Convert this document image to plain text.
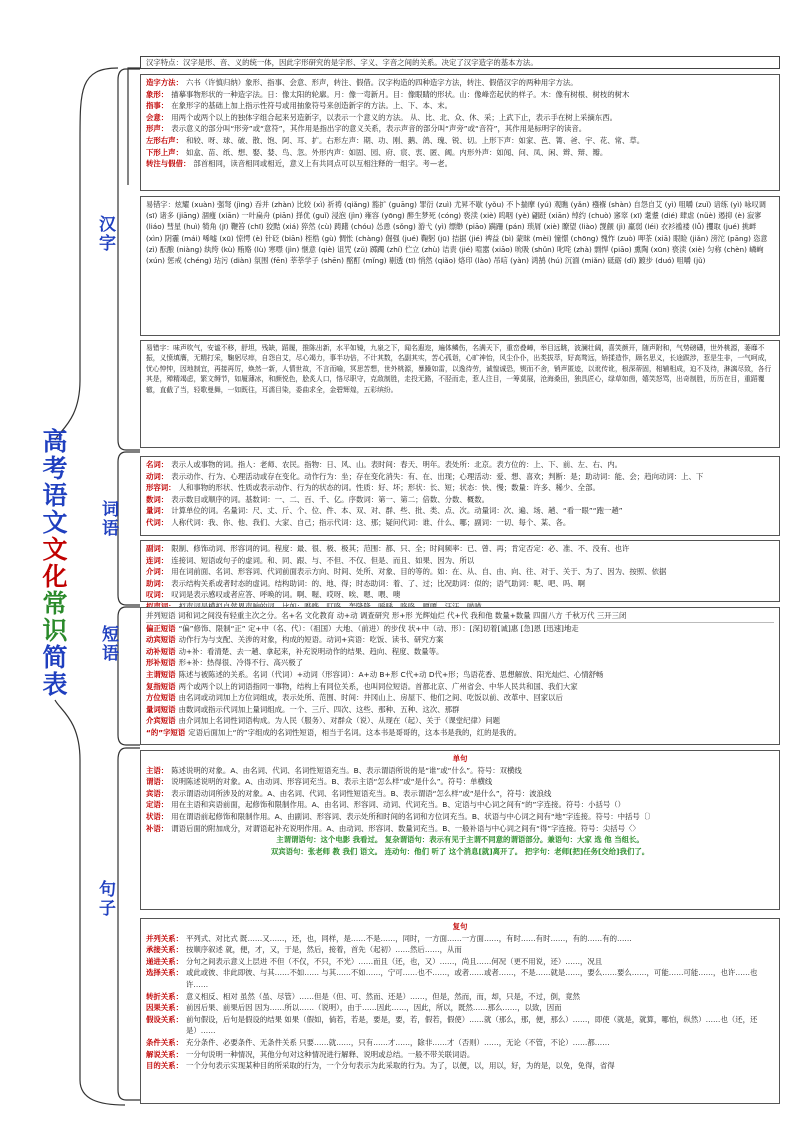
汉字特点：汉字是形、音、义的统一体，因此字形研究的是字形、字义、字音之间的关系。决定了汉字造字的基本方法。
高考语文文化常识简表
汉字
词语
短语
句子
造字方法： 六书（许慎归纳）象形、指事、会意、形声，转注、假借。汉字构造的四种造字方法，转注、假借汉字的两种用字方法。
象形： 描摹事物形状的一种造字法。日：像太阳的轮廓。月：像一弯新月。目：像眼睛的形状。山：像峰峦起伏的样子。木：像有树根、树枝的树木
指事： 在象形字的基础上加上指示性符号或用抽象符号来创造新字的方法。上、下、本、末。
会意： 用两个或两个以上的独体字组合起来另造新字，以表示一个意义的方法。 从、比、北、众、休、采；上武下止，表示手在树上采摘东西。
形声： 表示意义的部分叫“形旁”或“意符”，其作用是指出字的意义关系，表示声音的部分叫“声旁”或“音符”，其作用是标明字的读音。
左形右声： 和较、呀、球、破、散、饱、阿、耳、扩。右形左声：期、功、刚、鹅、鸽、瑰、锐、切。上形下声：如家、芭、箐、爸、宇、花、常、草。
下形上声： 如盒、苗、纸、想、娶、婪、鸟、忽。外形内声：如固、园、府、宸、衷、匿、阈。内形外声：如闻、问、凤、闲、辫、辩、瓣。
转注与假借： 部首相同，读音相同或相近，意义上有共同点可以互相注释的一组字。考—老。

易错字：炫耀 (xuàn) 强弩 (jìng) 吞并 (zhàn) 比较 (xì) 祈祷 (qiǎng) 豁扩 (guāng) 罪衍 (zuì) 尤昇不歇 (yǒu) 不卜揣摩 (yú) 观瞧 (yǎn) 襁褓 (shàn) 自怨自艾 (yì) 咀嚼 (zuǐ) 谙练 (yì) 咏叹调 (sī) 诸多 (jiāng) 涸瘦 (xiān) 一叶扁舟 (piān) 择优 (guǐ) 浸泡 (jìn) 雍容 (yōng) 醉生梦死 (cóng) 亵渎 (xiè) 呜咽 (yè) 翩跹 (xiān) 绰约 (chuò) 窸窣 (xī) 耄耋 (dié) 肆虐 (nüè) 遏抑 (è) 寂寥 (liáo) 彗星 (huì) 犄角 (jī) 鞭笞 (chī) 狡黠 (xiá) 猝然 (cù) 踌躇 (chóu) 怂恿 (sǒng) 游弋 (yì) 缥缈 (piāo) 蹒跚 (pán) 琐屑 (xiè) 瞭望 (liào) 觊觎 (jì) 羸弱 (léi) 衣衫褴褛 (lǚ) 攫取 (jué) 挑衅 (xìn) 阴霾 (mái) 唏嘘 (xū) 惊愕 (è) 针砭 (biān) 桎梏 (gù) 惆怅 (chàng) 倔强 (jué) 鞠躬 (jū) 拮据 (jié) 裨益 (bì) 蒙昧 (mèi) 憧憬 (chōng) 愧怍 (zuò) 呷茶 (xiā) 眼睑 (jiǎn) 滂沱 (pāng) 恣意 (zì) 酝酿 (niàng) 纨绔 (kù) 贿赂 (lù) 寒噤 (jìn) 惬意 (qiè) 诅咒 (zǔ) 踯躅 (zhí) 伫立 (zhù) 诘责 (jié) 喧嚣 (xiāo) 吮吸 (shǔn) 叱咤 (zhà) 剽悍 (piāo) 熏陶 (xūn) 亵渎 (xiè) 匀称 (chèn) 嶙峋 (xún) 惩戒 (chéng) 玷污 (diàn) 氛围 (fēn) 莘莘学子 (shēn) 酩酊 (mǐng) 剔透 (tī) 悄然 (qiǎo) 烙印 (lào) 吊唁 (yàn) 鸿鹄 (hú) 沉湎 (miǎn) 砥砺 (dǐ) 踱步 (duó) 咀嚼 (jǔ)

易错字：味声吹气，安谧不移，舒坦，残缺，蹈履，推陈出新，水平如镜，九泉之下，闻名遐迩，遍体鳞伤，名满天下，重峦叠嶂，举目远眺，波澜壮阔，喜笑颜开，随声附和，气势磅礴，世外桃源，萎靡不振，义愤填膺，无精打采，鞠躬尽瘁，自怨自艾，尽心竭力，事半功倍，不计其数，名副其实，苦心孤诣，心旷神怡，风尘仆仆，出类拔萃，好高骛远，矫揉造作，顾名思义，长途跋涉，惹是生非，一气呵成，忧心忡忡，因地制宜，再接再厉，焕然一新，人情世故，不言而喻，冥思苦想，世外桃源，暴躁如雷，以逸待劳，诚惶诚恐，锲而不舍，销声匿迹，以讹传讹，根深蒂固，相辅相成，迫不及待，淋漓尽致，各行其是，殚精竭虑，繁文缛节，如履薄冰，和颜悦色，脍炙人口，恪尽职守，克敌制胜，走投无路，不胫而走，惹人注目，一筹莫展，沧海桑田，独具匠心，绿草如茵，嬉笑怒骂，出奇制胜，历历在目，重蹈覆辙，直截了当，轻歌曼舞，一如既往，耳濡目染，委曲求全，金碧辉煌，五彩缤纷。

名词： 表示人或事物的词。指人：老师、农民。指物：日、风、山。表时间：春天、明年。表处所：北京。表方位的：上、下、前、左、右、内。
动词： 表示动作、行为、心理活动或存在变化。动作行为：坐；存在变化消失：有、在、出现；心理活动：爱、想、喜欢；判断：是；助动词：能、会；趋向动词：上、下
形容词： 人和事物的形状、性质或表示动作、行为的状态的词。性质：好、坏；形状：长、短；状态：快、慢；数量：许多、稀少、全部。
数词： 表示数目或顺序的词。基数词：一、二、百、千、亿。序数词：第一、第二；倍数、分数、概数。
量词： 计算单位的词。名量词：尺、丈、斤、个、位、件、本、双、对、群、些、批、类、点、次。动量词：次、遍、场、趟、“看一眼”“跑一趟”
代词： 人称代词：我、你、他、我们、大家、自己；指示代词：这、那；疑问代词：谁、什么、哪；副词：一切、每个、某、各。
副词： 限制、修饰动词、形容词的词。程度：最、很、极、极其；范围：都、只、全；时间频率：已、曾、再；肯定否定：必、准、不、没有、也许
连词： 连接词、短语或句子的虚词。和、同、跟、与、不但、不仅、但是、而且、如果、因为、所以
介词： 用在词前面、名词、形容词、代词前面表示方向、时间、处所、对象、目的等的。如：在、从、自、由、向、往、对于、关于、为了、因为、按照、依据
助词： 表示结构关系或者时态的虚词。结构助词：的、地、得；时态助词：着、了、过；比况助词：似的；语气助词：呢、吧、吗、啊
叹词： 叹词是表示感叹或者应答、呼唤的词。啊、喔、哎呀、唉、嗯、喂、噢

并列短语 词和词之间没有轻重主次之分。名+名 文化教育 动+动 调查研究 形+形 光辉灿烂 代+代 我和他 数量+数量 四面八方 千秋万代 三开三闭

偏正短语 “偏”修饰、限制“正” 定+中（名、代）：（祖国）大地、（前进）的步伐 状+中（动、形）：[深]切着[诚]惠 [急]恩 [迅速]地走
动宾短语 动作行为与支配、关涉的对象，构成的短语。动词+宾语：吃饭、读书、研究方案
动补短语 动+补：看清楚、去一趟、拿起来，补充说明动作的结果、趋向、程度、数量等。
形补短语 形+补：热得很、冷得不行、高兴极了
主谓短语 陈述与被陈述的关系。名词（代词）+动词（形容词）：A+动 B+形 C代+动 D代+形；鸟语花香、思想解放、阳光灿烂、心情舒畅
复指短语 两个或两个以上的词语指同一事物，结构上有同位关系，也叫同位短语。首都北京、广州省会、中华人民共和国、我们大家
方位短语 由名词或动词加上方位词组成，表示处所、范围、时间：井冈山上、房屋下、他们之间、吃饭以前、改革中、回家以后
量词短语 由数词或指示代词加上量词组成。一个、三斤、四次、这些、那种、五种、这次、那群
介宾短语 由介词加上名词性词语构成。为人民（服务）、对群众（说）、从现在（起）、关于（课堂纪律）问题
“的”字短语 定语后面加上“的”字组成的名词性短语，相当于名词。这本书是哥哥的，这本书是我的，红的是我的。

单句

主语： 陈述说明的对象。A、由名词、代词、名词性短语充当。B、表示谓语所说的是“谁”或“什么”。符号：双横线
谓语： 说明陈述说明的对象。A、由动词、形容词充当。B、表示主语“怎么样”或“是什么”。符号：单横线
宾语： 表示谓语动词所涉及的对象。A、由名词、代词、名词性短语充当。B、表示谓语“怎么样”或“是什么”，符号：波浪线
定语： 用在主语和宾语前面，起修饰和限制作用。A、由名词、形容词、动词、代词充当。B、定语与中心词之间有“的”字连接。符号：小括号（）
状语： 用在谓语前起修饰和限制作用。A、由副词、形容词、表示处所和时间的名词和方位词充当。B、状语与中心词之间有“地”字连接。符号：中括号〔〕
补语： 谓语后面的附加成分，对谓语起补充说明作用。A、由动词、形容词、数量词充当。B、一般补语与中心词之间有“得”字连接。符号：尖括号〈〉

主谓谓语句：这个电影 我看过。 复杂谓语句：表示有见于主谓不同意的谓语部分。兼语句：大家 选 他 当组长。

双宾语句：张老师 教 我们 语文。 连动句：他们 听了 这个消息[就]离开了。 把字句：老师[把]任务[交给]我们了。

复句

并列关系： 平列式、对比式 既……又……，还，也，同样，是……不是……，同时，一方面……一方面……，有时……有时……，有的……有的……
承接关系： 按顺序叙述 就，便，才，又，于是，然后，接着，首先（起初）……然后……，从而
递进关系： 分句之间表示意义上层进 不但（不仅，不只，不光）……而且（还，也，又）……，尚且……何况（更不用说，还）……，况且
选择关系： 或此或彼、非此即彼、与其……不如…… 与其……不如……，宁可……也不……，或者……或者……，不是……就是……，要么……要么……，可能……可能……，也许……也许……
转折关系： 意义相反、相对 虽然（虽、尽管）……但是（但、可、然而、还是）……，但是，然而，而，却，只是，不过，倒，竟然
因果关系： 前因后果、前果后因 因为……所以……（说明），由于……因此……，因此，所以，既然……那么……，以致，因而
假设关系： 前句假设，后句是假设的结果 如果（假如，倘若，若是，要是，要，若，假若，假使）……就（那么，那，便，那么）……，即使（就是，就算，哪怕，纵然）……也（还，还是）……
条件关系： 充分条件、必要条件、无条件关系 只要……就……，只有……才……，除非……才（否则）……，无论（不管，不论）……都……
解说关系： 一分句说明一种情况，其他分句对这种情况进行解释、说明或总结。一般不带关联词语。
目的关系： 一个分句表示实现某种目的所采取的行为，一个分句表示为此采取的行为。为了，以便，以，用以，好，为的是，以免，免得，省得
